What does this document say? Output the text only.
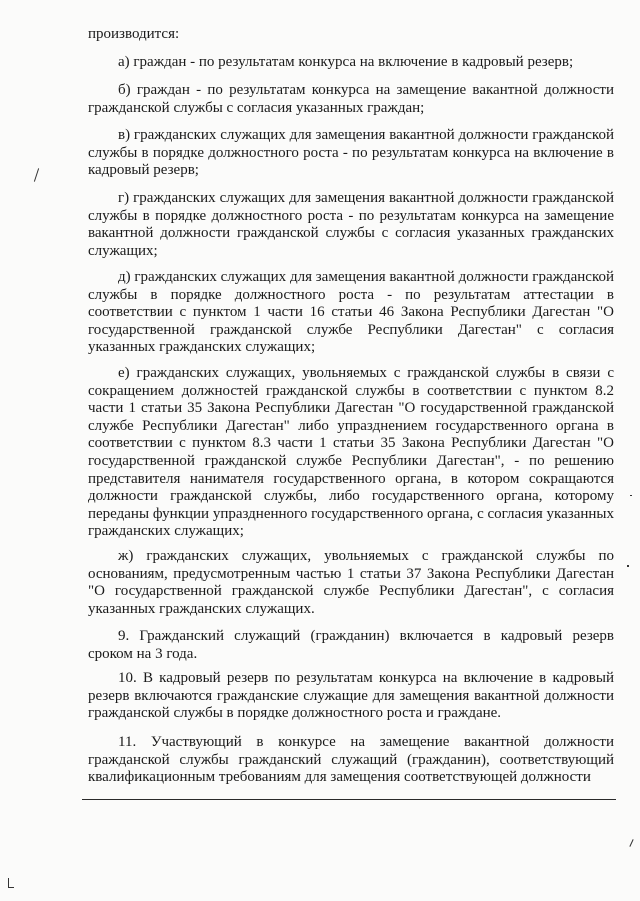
производится:

а) граждан - по результатам конкурса на включение в кадровый резерв;

б) граждан - по результатам конкурса на замещение вакантной должности гражданской службы с согласия указанных граждан;

в) гражданских служащих для замещения вакантной должности гражданской службы в порядке должностного роста - по результатам конкурса на включение в кадровый резерв;

г) гражданских служащих для замещения вакантной должности гражданской службы в порядке должностного роста - по результатам конкурса на замещение вакантной должности гражданской службы с согласия указанных гражданских служащих;

д) гражданских служащих для замещения вакантной должности гражданской службы в порядке должностного роста - по результатам аттестации в соответствии с пунктом 1 части 16 статьи 46 Закона Республики Дагестан "О государственной гражданской службе Республики Дагестан" с согласия указанных гражданских служащих;

е) гражданских служащих, увольняемых с гражданской службы в связи с сокращением должностей гражданской службы в соответствии с пунктом 8.2 части 1 статьи 35 Закона Республики Дагестан "О государственной гражданской службе Республики Дагестан" либо упразднением государственного органа в соответствии с пунктом 8.3 части 1 статьи 35 Закона Республики Дагестан "О государственной гражданской службе Республики Дагестан", - по решению представителя нанимателя государственного органа, в котором сокращаются должности гражданской службы, либо государственного органа, которому переданы функции упраздненного государственного органа, с согласия указанных гражданских служащих;

ж) гражданских служащих, увольняемых с гражданской службы по основаниям, предусмотренным частью 1 статьи 37 Закона Республики Дагестан "О государственной гражданской службе Республики Дагестан", с согласия указанных гражданских служащих.

9. Гражданский служащий (гражданин) включается в кадровый резерв сроком на 3 года.

10. В кадровый резерв по результатам конкурса на включение в кадровый резерв включаются гражданские служащие для замещения вакантной должности гражданской службы в порядке должностного роста и граждане.

11. Участвующий в конкурсе на замещение вакантной должности гражданской службы гражданский служащий (гражданин), соответствующий квалификационным требованиям для замещения соответствующей должности
